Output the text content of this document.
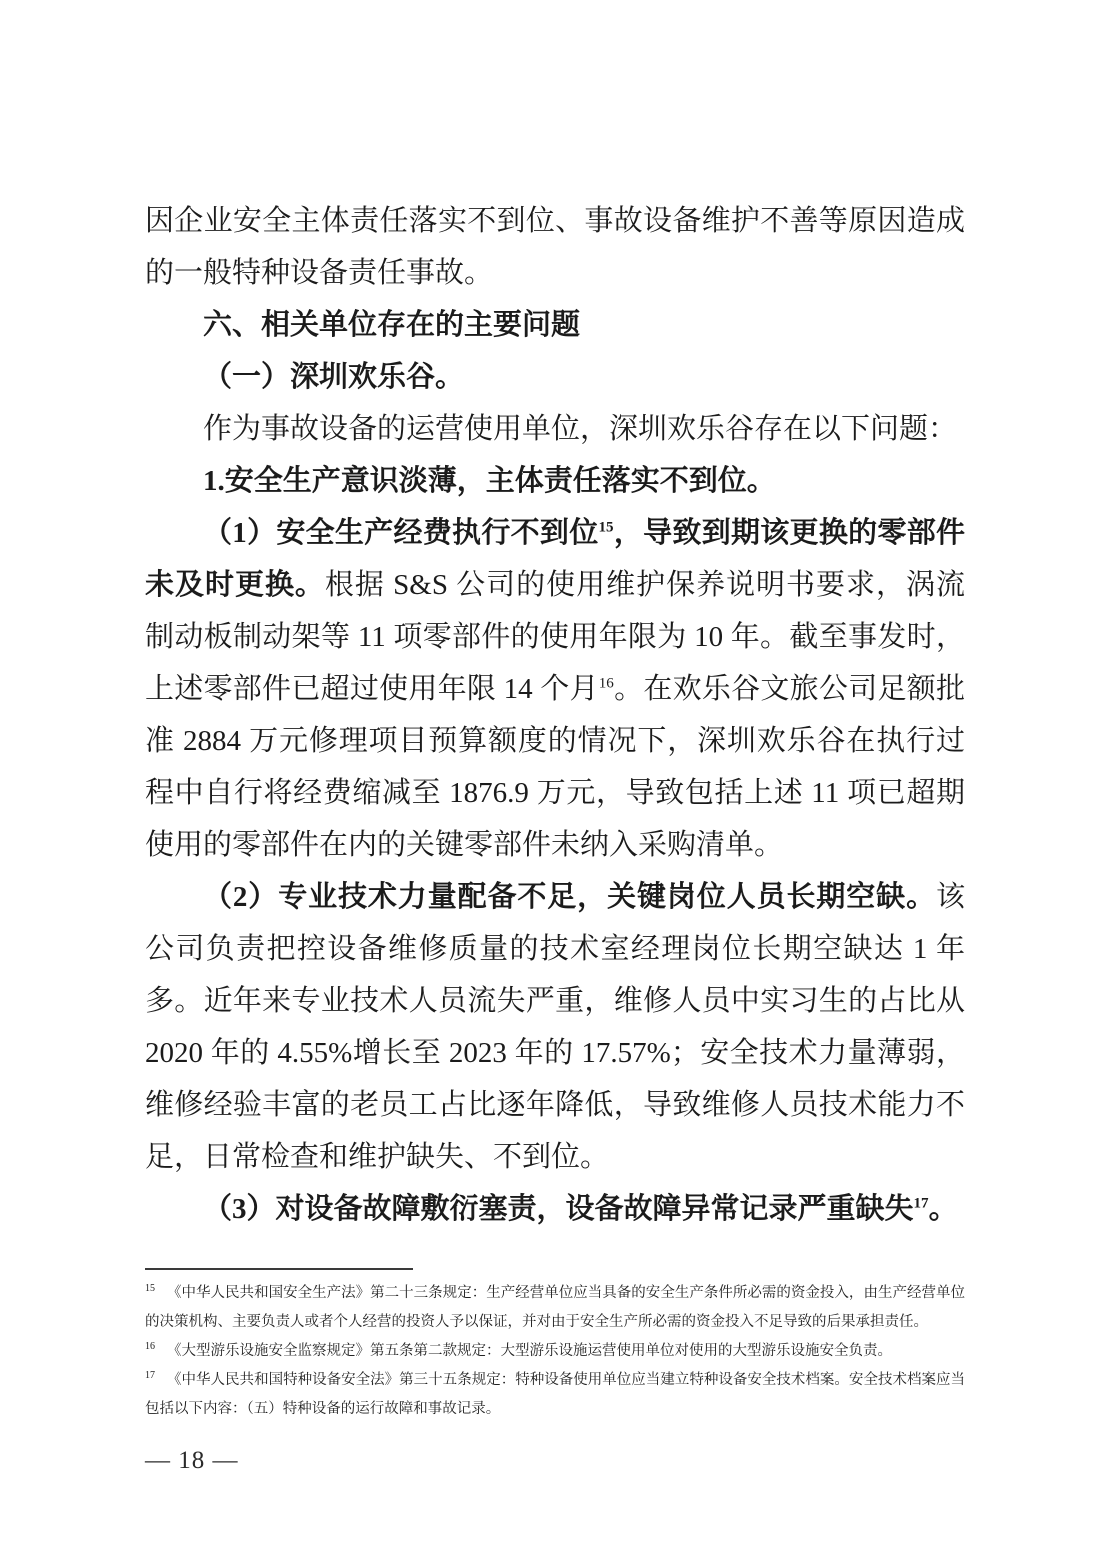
因企业安全主体责任落实不到位、事故设备维护不善等原因造成的一般特种设备责任事故。

六、相关单位存在的主要问题

（一）深圳欢乐谷。

作为事故设备的运营使用单位，深圳欢乐谷存在以下问题：

1.安全生产意识淡薄，主体责任落实不到位。

（1）安全生产经费执行不到位$^{15}$，导致到期该更换的零部件未及时更换。根据 S&S 公司的使用维护保养说明书要求，涡流制动板制动架等 11 项零部件的使用年限为 10 年。截至事发时，上述零部件已超过使用年限 14 个月$^{16}$。在欢乐谷文旅公司足额批准 2884 万元修理项目预算额度的情况下，深圳欢乐谷在执行过程中自行将经费缩减至 1876.9 万元，导致包括上述 11 项已超期使用的零部件在内的关键零部件未纳入采购清单。

（2）专业技术力量配备不足，关键岗位人员长期空缺。该公司负责把控设备维修质量的技术室经理岗位长期空缺达 1 年多。近年来专业技术人员流失严重，维修人员中实习生的占比从 2020 年的 4.55%增长至 2023 年的 17.57%；安全技术力量薄弱，维修经验丰富的老员工占比逐年降低，导致维修人员技术能力不足，日常检查和维护缺失、不到位。

（3）对设备故障敷衍塞责，设备故障异常记录严重缺失$^{17}$。

$^{15}$ 《中华人民共和国安全生产法》第二十三条规定：生产经营单位应当具备的安全生产条件所必需的资金投入，由生产经营单位的决策机构、主要负责人或者个人经营的投资人予以保证，并对由于安全生产所必需的资金投入不足导致的后果承担责任。

$^{16}$ 《大型游乐设施安全监察规定》第五条第二款规定：大型游乐设施运营使用单位对使用的大型游乐设施安全负责。

$^{17}$ 《中华人民共和国特种设备安全法》第三十五条规定：特种设备使用单位应当建立特种设备安全技术档案。安全技术档案应当包括以下内容：（五）特种设备的运行故障和事故记录。

— 18 —
